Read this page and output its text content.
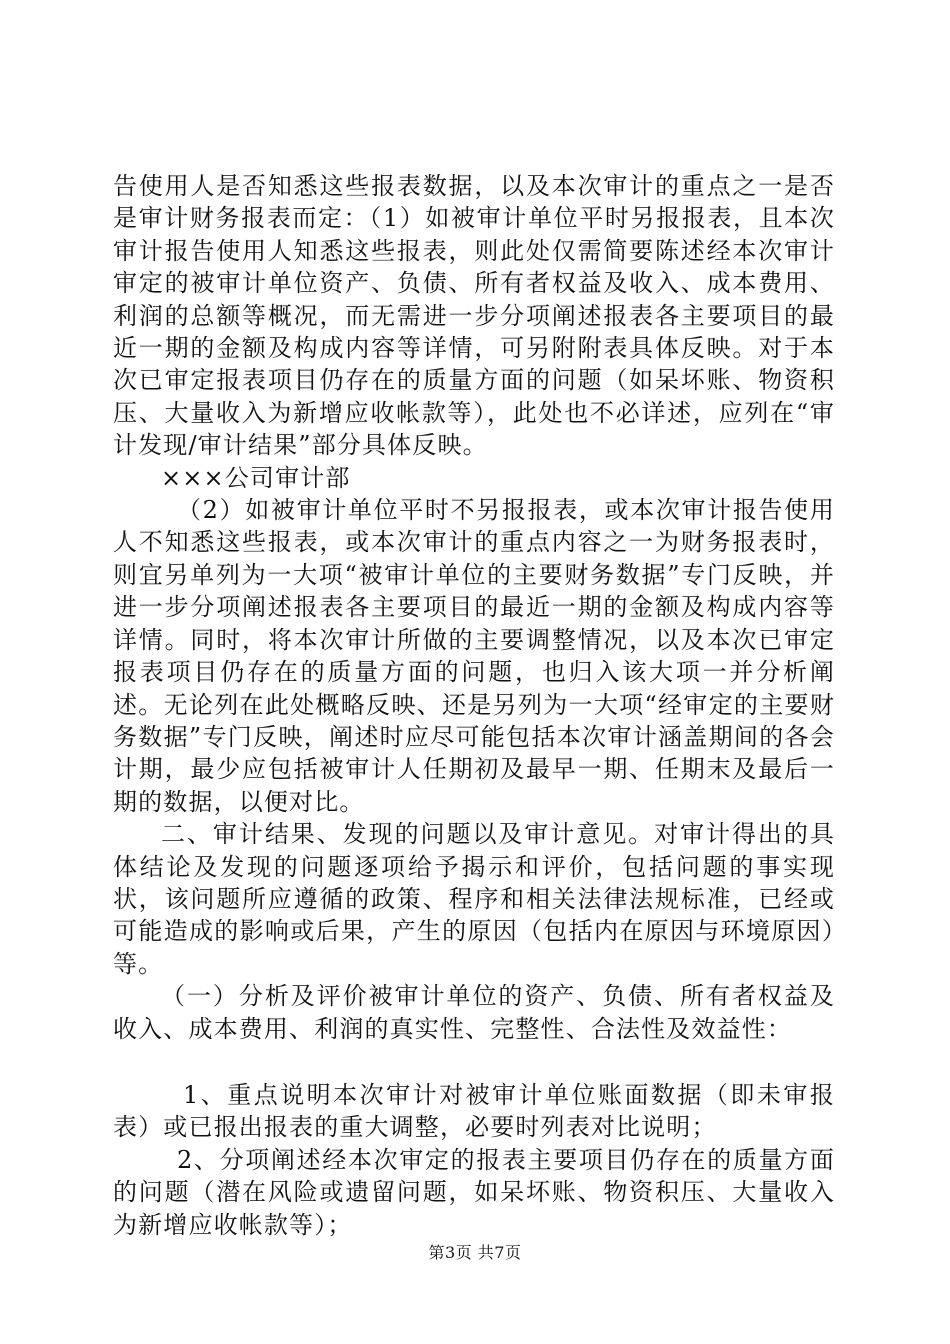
告使用人是否知悉这些报表数据，以及本次审计的重点之一是否是审计财务报表而定：（1）如被审计单位平时另报报表，且本次审计报告使用人知悉这些报表，则此处仅需简要陈述经本次审计审定的被审计单位资产、负债、所有者权益及收入、成本费用、利润的总额等概况，而无需进一步分项阐述报表各主要项目的最近一期的金额及构成内容等详情，可另附附表具体反映。对于本次已审定报表项目仍存在的质量方面的问题（如呆坏账、物资积压、大量收入为新增应收帐款等），此处也不必详述，应列在“审计发现/审计结果”部分具体反映。

×××公司审计部

（2）如被审计单位平时不另报报表，或本次审计报告使用人不知悉这些报表，或本次审计的重点内容之一为财务报表时，则宜另单列为一大项“被审计单位的主要财务数据”专门反映，并进一步分项阐述报表各主要项目的最近一期的金额及构成内容等详情。同时，将本次审计所做的主要调整情况，以及本次已审定报表项目仍存在的质量方面的问题，也归入该大项一并分析阐述。无论列在此处概略反映、还是另列为一大项“经审定的主要财务数据”专门反映，阐述时应尽可能包括本次审计涵盖期间的各会计期，最少应包括被审计人任期初及最早一期、任期末及最后一期的数据，以便对比。

二、审计结果、发现的问题以及审计意见。对审计得出的具体结论及发现的问题逐项给予揭示和评价，包括问题的事实现状，该问题所应遵循的政策、程序和相关法律法规标准，已经或可能造成的影响或后果，产生的原因（包括内在原因与环境原因）等。

（一）分析及评价被审计单位的资产、负债、所有者权益及收入、成本费用、利润的真实性、完整性、合法性及效益性：

1、重点说明本次审计对被审计单位账面数据（即未审报表）或已报出报表的重大调整，必要时列表对比说明；

2、分项阐述经本次审定的报表主要项目仍存在的质量方面的问题（潜在风险或遗留问题，如呆坏账、物资积压、大量收入为新增应收帐款等）；

第3页 共7页
